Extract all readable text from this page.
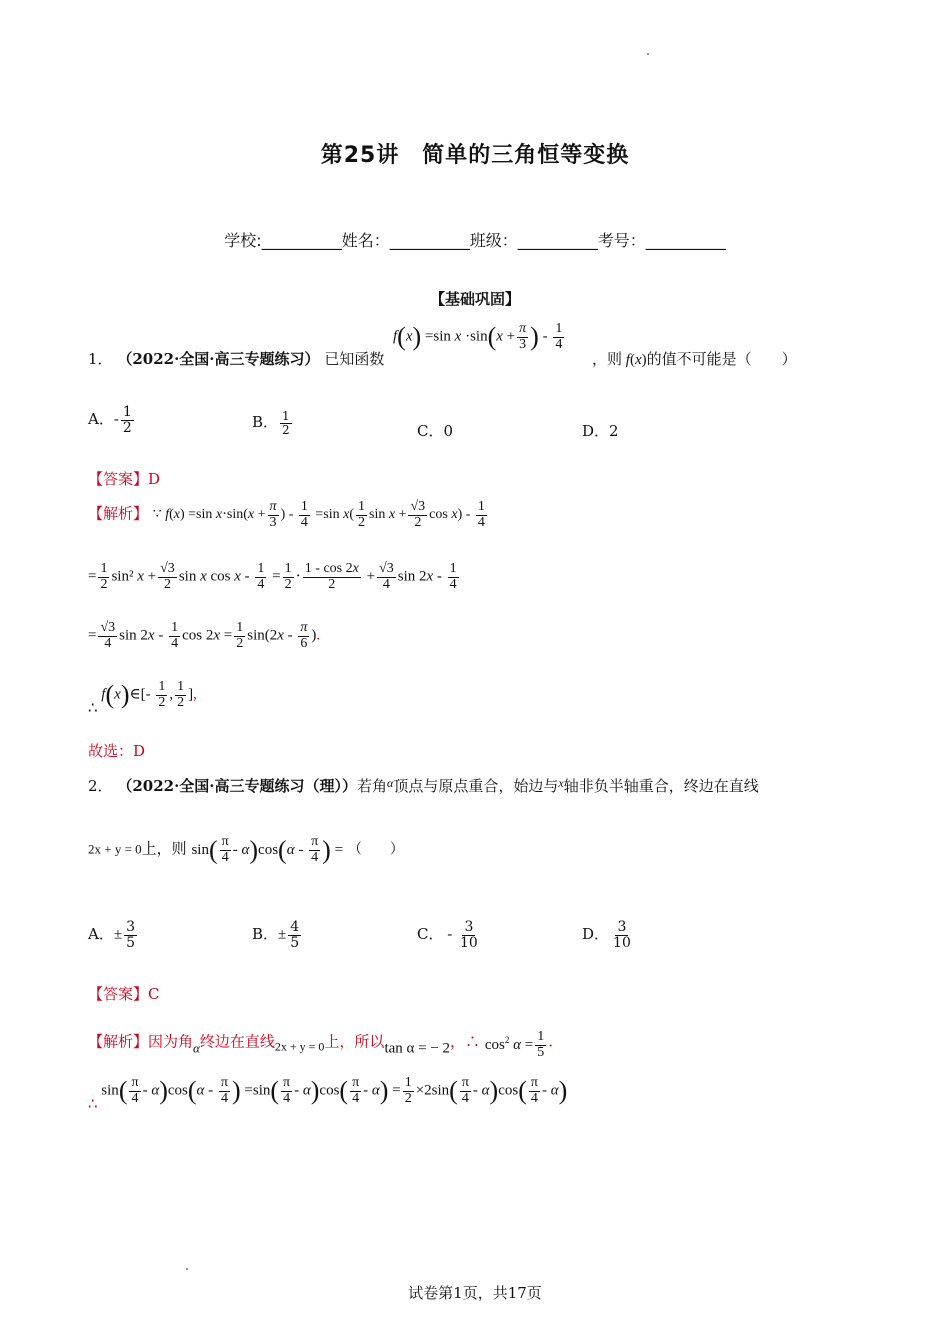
第25讲　简单的三角恒等变换
学校:__________姓名：__________班级：__________考号：__________
【基础巩固】
1． （2022·全国·高三专题练习） 已知函数
f(x) =sin $x \cdot\sin(x + \frac{\pi}{3}$ ) - $\frac{1}{4}$
，则 f(x)的值不可能是（　　）
A．- $\frac{1}{2}$	B． $\frac{1}{2}$	C．0	D．2
【答案】D
【解析】 ∵ f(x) =sin $x\cdot\sin(x + \frac{\pi}{3}$ ) - $\frac{1}{4} =\sin$ $x( \frac{1}{2}$ $\sin x + \frac{√3}{2}$ $\cos x) - \frac{1}{4}$
= $\frac{1}{2} \sin^2$ $x + \frac{√3}{2}$ sin x $\cos x - \frac{1}{4} = \frac{1}{2} \cdot \frac{1 - \cos 2x}{2} + \frac{√3}{4}$ $\sin 2x - \frac{1}{4}$
= $\frac{√3}{4}$ $\sin 2x - \frac{1}{4}$ $\cos 2x = \frac{1}{2} \sin(2x - \frac{\pi}{6}$ ).
∴ f(x)∈[- $\frac{1}{2}$ , $\frac{1}{2}$ ],
故选：D
2． （2022·全国·高三专题练习（理））若角$^\alpha$顶点与原点重合，始边与$^x$轴非负半轴重合，终边在直线
2x + y = 0上，则 $\sin( \frac{\pi}{4} - \alpha)\cos(\alpha - \frac{\pi}{4}$ ) = （　　）
A．± $\frac{3}{5}$	B．± $\frac{4}{5}$	C． - $\frac{3}{10}$	D． $\frac{3}{10}$
【答案】C
【解析】因为角α终边在直线$_{2x + y = 0}$上，所以tan α = − 2，∴ $\cos^2 \alpha = \frac{1}{5}$ .
∴ $\sin( \frac{\pi}{4} - \alpha)\cos(\alpha - \frac{\pi}{4}$ ) $=\sin( \frac{\pi}{4} - \alpha)\cos( \frac{\pi}{4} - \alpha) = \frac{1}{2} \times 2\sin( \frac{\pi}{4} - \alpha)\cos( \frac{\pi}{4} - \alpha)$
试卷第1页，共17页
